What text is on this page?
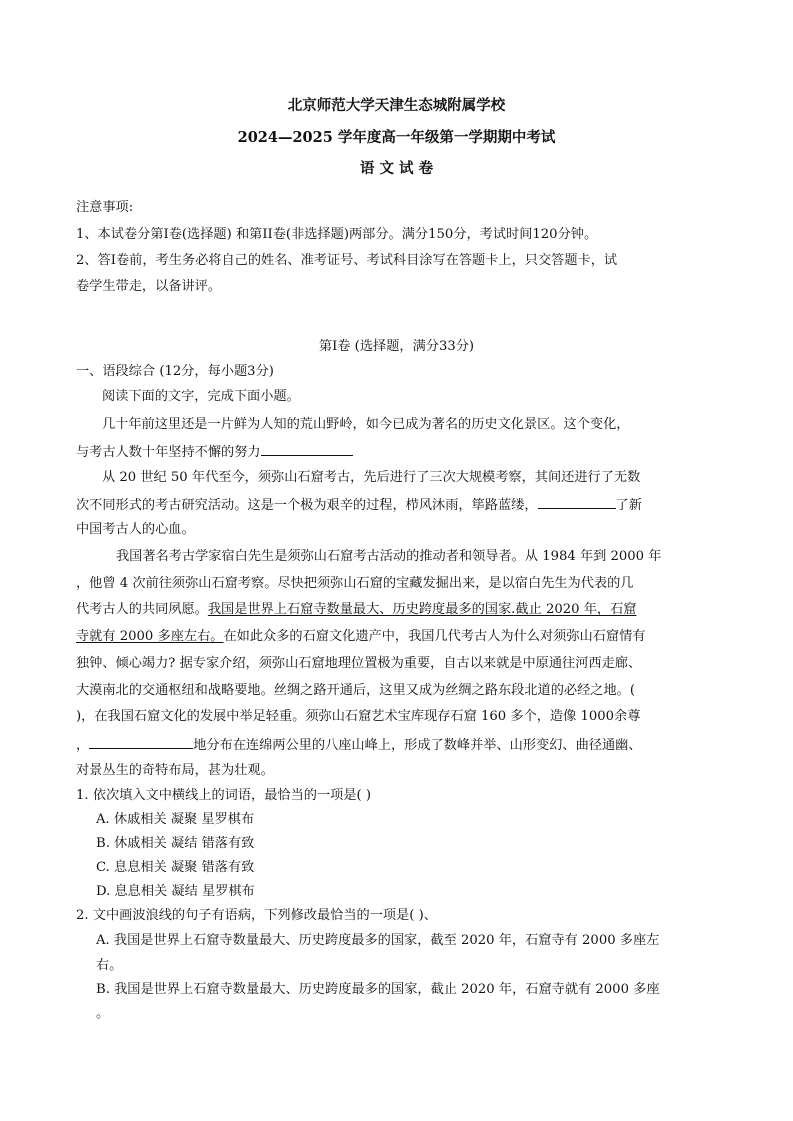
北京师范大学天津生态城附属学校
2024—2025 学年度高一年级第一学期期中考试
语 文 试 卷
注意事项:
1、本试卷分第Ⅰ卷(选择题) 和第II卷(非选择题)两部分。满分150分，考试时间120分钟。
2、答Ⅰ卷前，考生务必将自己的姓名、准考证号、考试科目涂写在答题卡上，只交答题卡，试
卷学生带走，以备讲评。
第Ⅰ卷 (选择题，满分33分)
一、语段综合 (12分，每小题3分)
阅读下面的文字，完成下面小题。
几十年前这里还是一片鲜为人知的荒山野岭，如今已成为著名的历史文化景区。这个变化，
与考古人数十年坚持不懈的努力
从 20 世纪 50 年代至今，须弥山石窟考古，先后进行了三次大规模考察，其间还进行了无数
次不同形式的考古研究活动。这是一个极为艰辛的过程，栉风沐雨，筚路蓝缕，	了新
中国考古人的心血。
我国著名考古学家宿白先生是须弥山石窟考古活动的推动者和领导者。从 1984 年到 2000 年
，他曾 4 次前往须弥山石窟考察。尽快把须弥山石窟的宝藏发掘出来，是以宿白先生为代表的几
代考古人的共同夙愿。我国是世界上石窟寺数量最大、历史跨度最多的国家.截止 2020 年，石窟
寺就有 2000 多座左右。在如此众多的石窟文化遗产中，我国几代考古人为什么对须弥山石窟情有
独钟、倾心竭力? 据专家介绍，须弥山石窟地理位置极为重要，自古以来就是中原通往河西走廊、
大漠南北的交通枢纽和战略要地。丝绸之路开通后，这里又成为丝绸之路东段北道的必经之地。(
)，在我国石窟文化的发展中举足轻重。须弥山石窟艺术宝库现存石窟 160 多个，造像 1000余尊
，	地分布在连绵两公里的八座山峰上，形成了数峰并举、山形变幻、曲径通幽、
对景丛生的奇特布局，甚为壮观。
1. 依次填入文中横线上的词语，最恰当的一项是( )
A. 休戚相关 凝聚 星罗棋布
B. 休戚相关 凝结 错落有致
C. 息息相关 凝聚 错落有致
D. 息息相关 凝结 星罗棋布
2. 文中画波浪线的句子有语病，下列修改最恰当的一项是( )、
A. 我国是世界上石窟寺数量最大、历史跨度最多的国家，截至 2020 年，石窟寺有 2000 多座左
右。
B. 我国是世界上石窟寺数量最大、历史跨度最多的国家，截止 2020 年，石窟寺就有 2000 多座
。
